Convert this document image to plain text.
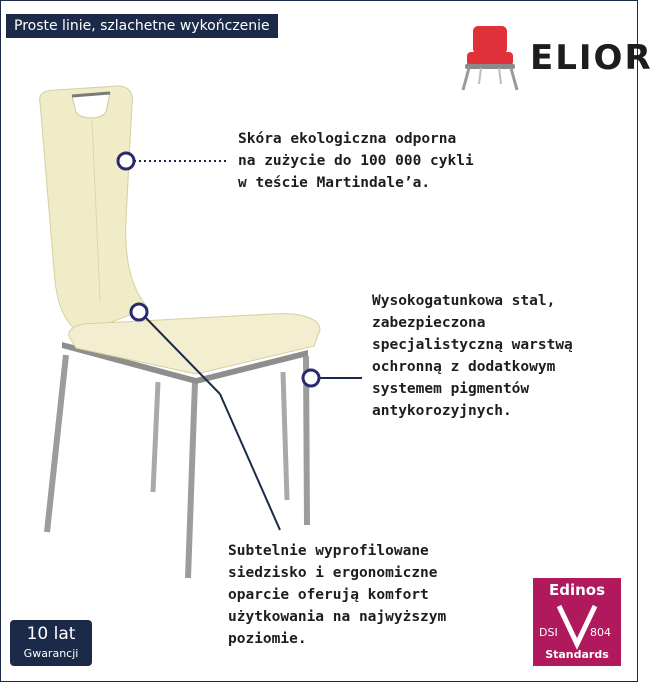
Proste linie, szlachetne wykończenie
ELIOR
Skóra ekologiczna odporna
na zużycie do 100 000 cykli
w teście Martindale’a.
Wysokogatunkowa stal,
zabezpieczona
specjalistyczną warstwą
ochronną z dodatkowym
systemem pigmentów
antykorozyjnych.
Subtelnie wyprofilowane
siedzisko i ergonomiczne
oparcie oferują komfort
użytkowania na najwyższym
poziomie.
10 lat
Gwarancji
Edinos
DSI	804
Standards
